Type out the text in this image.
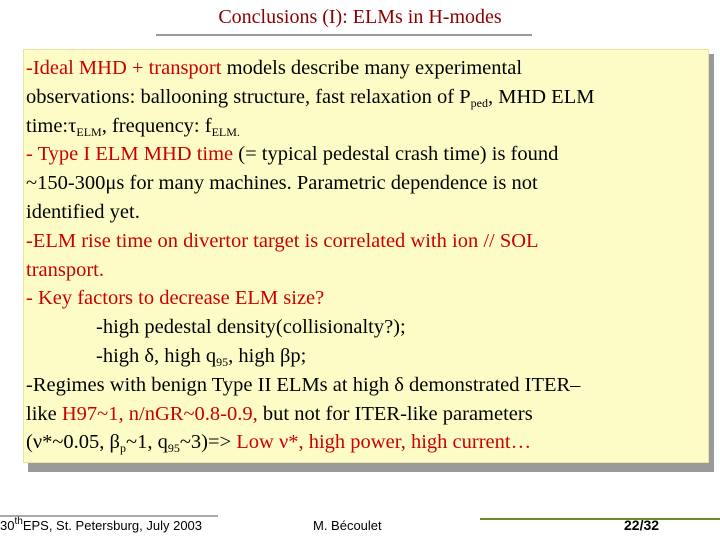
Conclusions (I): ELMs in H-modes
-Ideal MHD + transport models describe many experimental
observations: ballooning structure, fast relaxation of $P_{ped}$, MHD ELM
$time:\tau_{ELM}$, frequency: $f_{ELM.}$
- Type I ELM MHD time (= typical pedestal crash time) is found
~150-300μs for many machines. Parametric dependence is not
identified yet.
-ELM rise time on divertor target is correlated with ion // SOL
transport.
- Key factors to decrease ELM size?
-high pedestal density(collisionalty?);
-high δ, high $q_{95}$, high βp;
-Regimes with benign Type II ELMs at high δ demonstrated ITER–
like H97~1, n/nGR~0.8-0.9, but not for ITER-like parameters
(ν*~0.05, $\beta_p\sim 1$, $q_{95}\sim 3)=>$ Low ν*, high power, high current…
30thEPS, St. Petersburg, July 2003	M. Bécoulet	22/32
